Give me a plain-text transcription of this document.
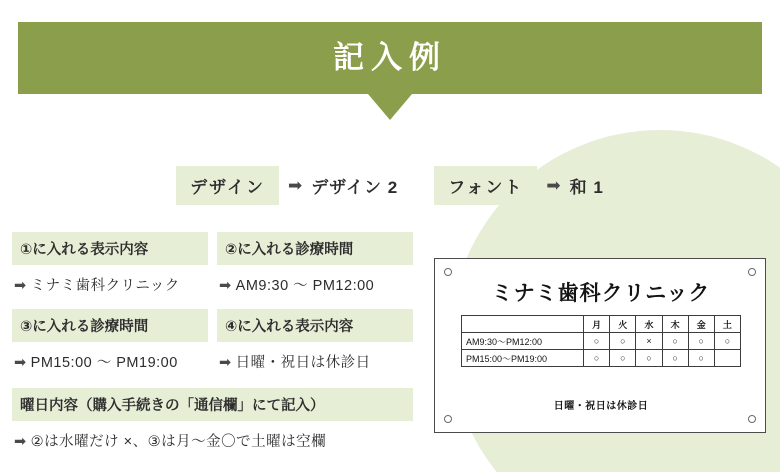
記入例
デザイン	➡ デザイン 2	フォント	➡ 和 1
①に入れる表示内容
➡ ミナミ歯科クリニック
②に入れる診療時間
➡ AM9:30 〜 PM12:00
③に入れる診療時間
➡ PM15:00 〜 PM19:00
④に入れる表示内容
➡ 日曜・祝日は休診日
曜日内容（購入手続きの「通信欄」にて記入）
➡ ②は水曜だけ ×、③は月〜金〇で土曜は空欄
ミナミ歯科クリニック
	月	火	水	木	金	土
AM9:30〜PM12:00	○	○	×	○	○	○
PM15:00〜PM19:00	○	○	○	○	○	
日曜・祝日は休診日
